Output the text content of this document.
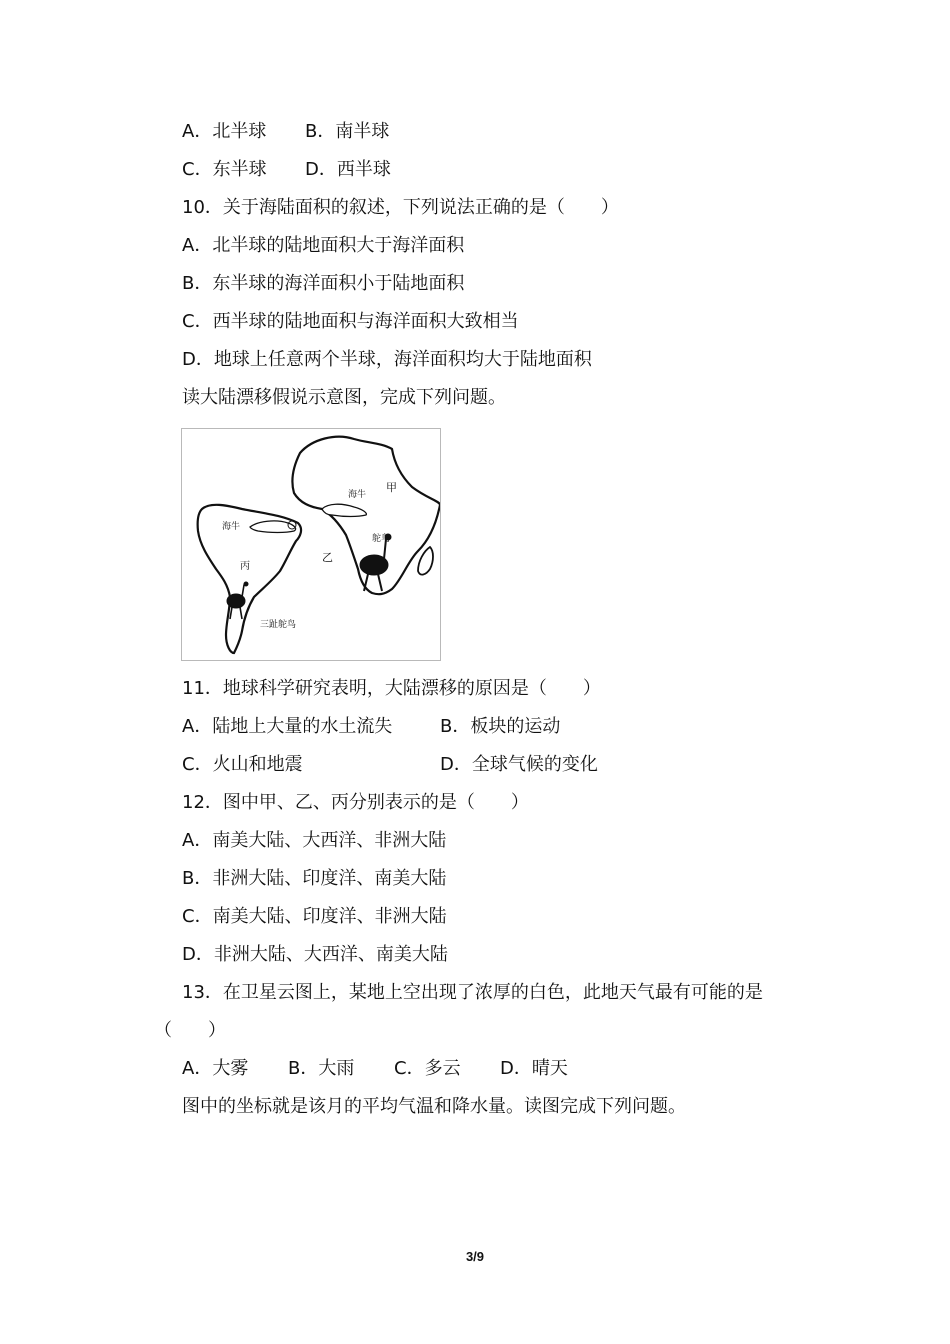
A．北半球 B．南半球
C．东半球 D．西半球
10．关于海陆面积的叙述，下列说法正确的是（　　）
A．北半球的陆地面积大于海洋面积
B．东半球的海洋面积小于陆地面积
C．西半球的陆地面积与海洋面积大致相当
D．地球上任意两个半球，海洋面积均大于陆地面积
读大陆漂移假说示意图，完成下列问题。
甲
乙
丙
海牛
海牛
鸵鸟
三趾鸵鸟
11．地球科学研究表明，大陆漂移的原因是（　　）
A．陆地上大量的水土流失	B．板块的运动
C．火山和地震	D．全球气候的变化
12．图中甲、乙、丙分别表示的是（　　）
A．南美大陆、大西洋、非洲大陆
B．非洲大陆、印度洋、南美大陆
C．南美大陆、印度洋、非洲大陆
D．非洲大陆、大西洋、南美大陆
13．在卫星云图上，某地上空出现了浓厚的白色，此地天气最有可能的是
（　　）
A．大雾 B．大雨 C．多云 D．晴天
图中的坐标就是该月的平均气温和降水量。读图完成下列问题。
3/9
